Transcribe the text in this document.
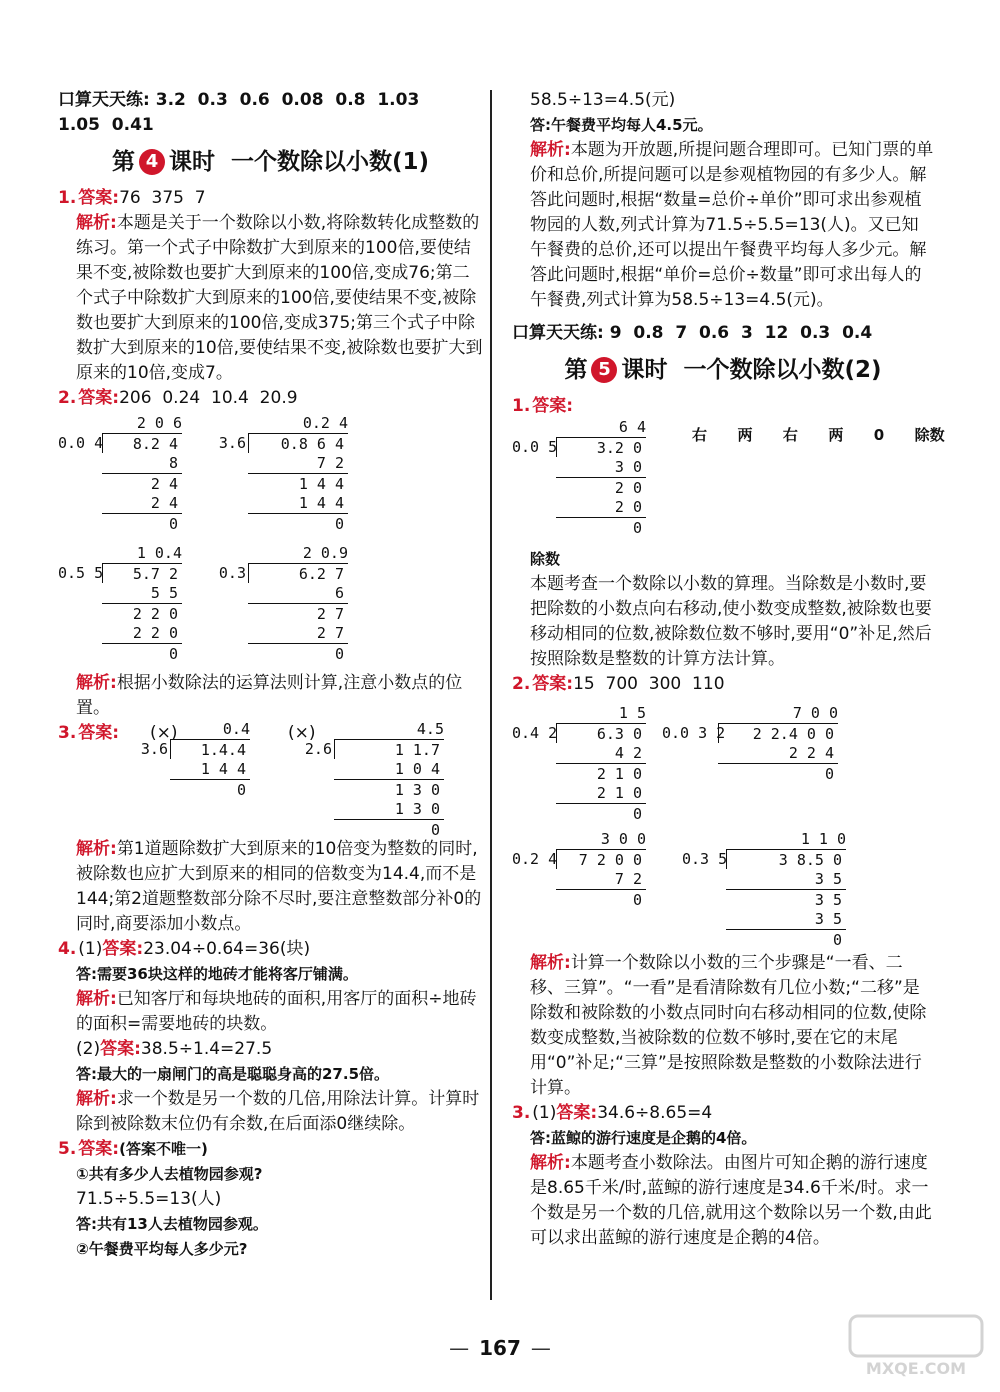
口算天天练: 3.2  0.3  0.6  0.08  0.8  1.03
1.05  0.41
第 4 课时  一个数除以小数(1)
1. 答案:76  375  7
解析:本题是关于一个数除以小数,将除数转化成整数的练习。第一个式子中除数扩大到原来的100倍,要使结果不变,被除数也要扩大到原来的100倍,变成76;第二个式子中除数扩大到原来的100倍,要使结果不变,被除数也要扩大到原来的100倍,变成375;第三个式子中除数扩大到原来的10倍,要使结果不变,被除数也要扩大到原来的10倍,变成7。
2. 答案:206  0.24  10.4  20.9
2 0 6
0.0 4	8.2 4
8
2 4
2 4
0
0.2 4
3.6	0.8 6 4
7 2
1 4 4
1 4 4
0
1 0.4
0.5 5	5.7 2
5 5
2 2 0
2 2 0
0
2 0.9
0.3	6.2 7
6
2 7
2 7
0
解析:根据小数除法的运算法则计算,注意小数点的位置。
3. 答案: (×)	(×)
0.4
3.6	1.4.4
1 4 4
0
4.5
2.6	1 1.7
1 0 4
1 3 0
1 3 0
0
解析:第1道题除数扩大到原来的10倍变为整数的同时,被除数也应扩大到原来的相同的倍数变为14.4,而不是144;第2道题整数部分除不尽时,要注意整数部分补0的同时,商要添加小数点。
4. (1)答案:23.04÷0.64=36(块)
答:需要36块这样的地砖才能将客厅铺满。
解析:已知客厅和每块地砖的面积,用客厅的面积÷地砖的面积=需要地砖的块数。
(2)答案:38.5÷1.4=27.5
答:最大的一扇闸门的高是聪聪身高的27.5倍。
解析:求一个数是另一个数的几倍,用除法计算。计算时除到被除数末位仍有余数,在后面添0继续除。
5. 答案:(答案不唯一)
①共有多少人去植物园参观?
71.5÷5.5=13(人)
答:共有13人去植物园参观。
②午餐费平均每人多少元?
58.5÷13=4.5(元)
答:午餐费平均每人4.5元。
解析:本题为开放题,所提问题合理即可。已知门票的单价和总价,所提问题可以是参观植物园的有多少人。解答此问题时,根据“数量=总价÷单价”即可求出参观植物园的人数,列式计算为71.5÷5.5=13(人)。又已知午餐费的总价,还可以提出午餐费平均每人多少元。解答此问题时,根据“单价=总价÷数量”即可求出每人的午餐费,列式计算为58.5÷13=4.5(元)。
口算天天练: 9  0.8  7  0.6  3  12  0.3  0.4
第 5 课时  一个数除以小数(2)
1. 答案:
6 4
0.0 5	3.2 0
3 0
2 0
2 0
0
右  两  右  两  0  除数
除数
本题考查一个数除以小数的算理。当除数是小数时,要把除数的小数点向右移动,使小数变成整数,被除数也要移动相同的位数,被除数位数不够时,要用“0”补足,然后按照除数是整数的计算方法计算。
2. 答案:15  700  300  110
1 5
0.4 2	6.3 0
4 2
2 1 0
2 1 0
0
7 0 0
0.0 3 2	2 2.4 0 0
2 2 4
0
3 0 0
0.2 4	7 2 0 0
7 2
0
1 1 0
0.3 5	3 8.5 0
3 5
3 5
3 5
0
解析:计算一个数除以小数的三个步骤是“一看、二移、三算”。“一看”是看清除数有几位小数;“二移”是除数和被除数的小数点同时向右移动相同的位数,使除数变成整数,当被除数的位数不够时,要在它的末尾用“0”补足;“三算”是按照除数是整数的小数除法进行计算。
3. (1)答案:34.6÷8.65=4
答:蓝鲸的游行速度是企鹅的4倍。
解析:本题考查小数除法。由图片可知企鹅的游行速度是8.65千米/时,蓝鲸的游行速度是34.6千米/时。求一个数是另一个数的几倍,就用这个数除以另一个数,由此可以求出蓝鲸的游行速度是企鹅的4倍。
— 167 —
MXQE.COM
